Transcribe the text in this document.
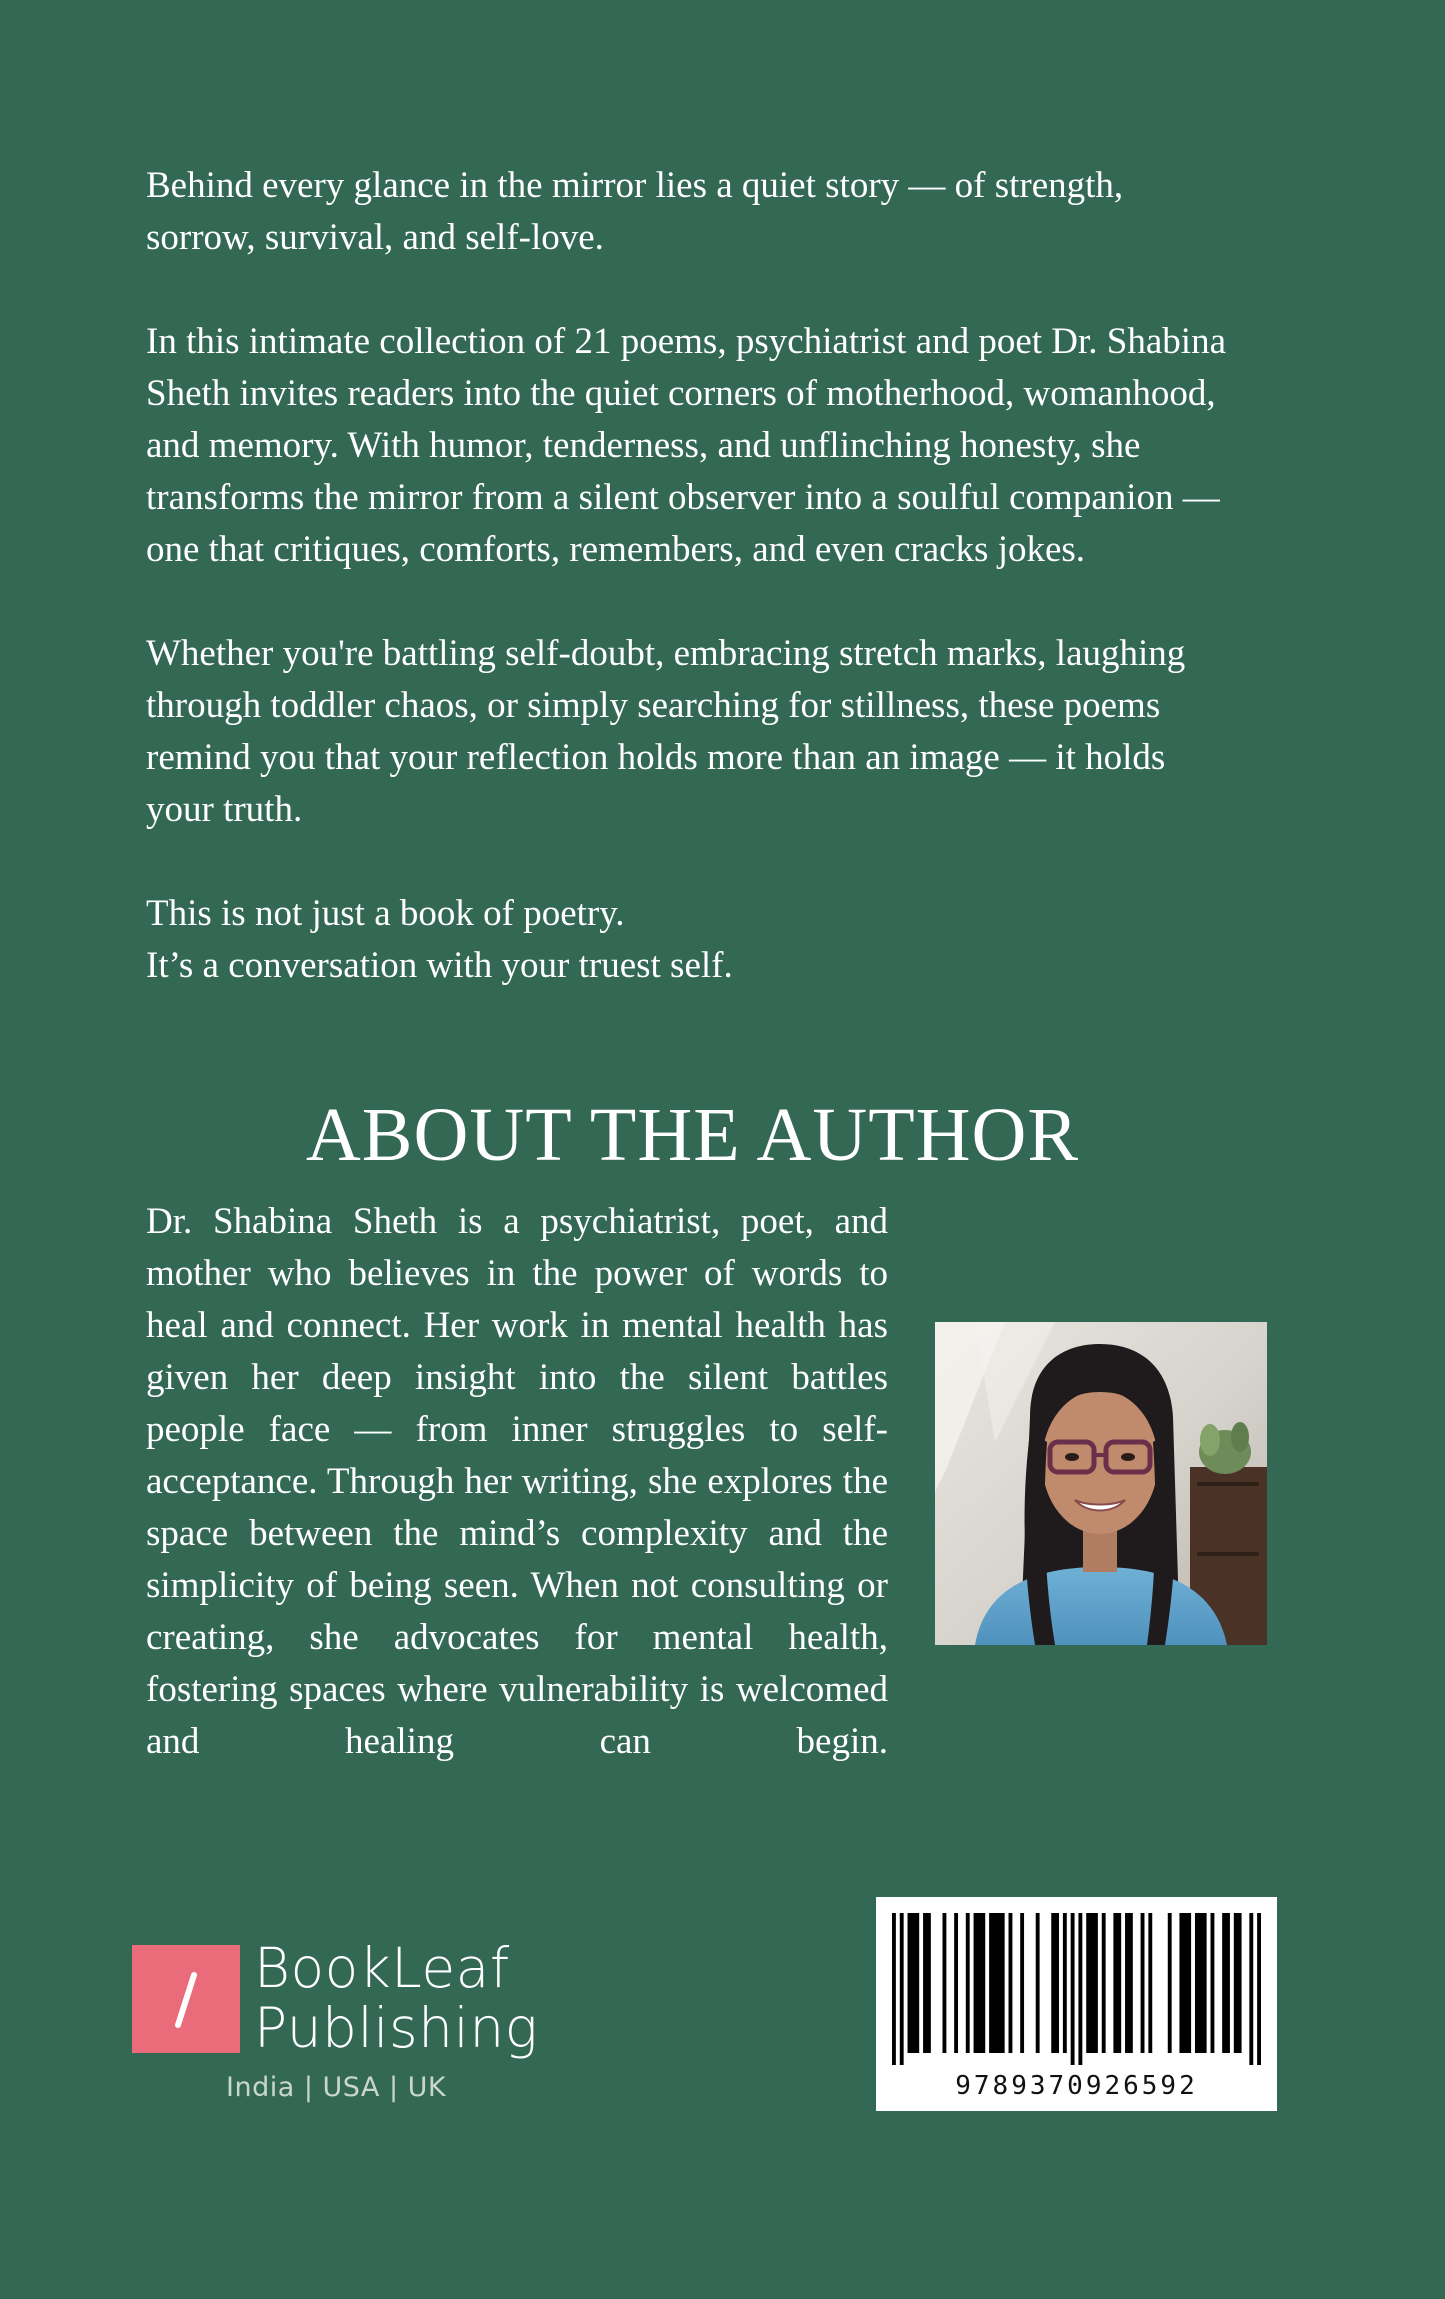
Behind every glance in the mirror lies a quiet story — of strength,
sorrow, survival, and self-love.

In this intimate collection of 21 poems, psychiatrist and poet Dr. Shabina
Sheth invites readers into the quiet corners of motherhood, womanhood,
and memory. With humor, tenderness, and unflinching honesty, she
transforms the mirror from a silent observer into a soulful companion —
one that critiques, comforts, remembers, and even cracks jokes.

Whether you're battling self-doubt, embracing stretch marks, laughing
through toddler chaos, or simply searching for stillness, these poems
remind you that your reflection holds more than an image — it holds
your truth.

This is not just a book of poetry.
It’s a conversation with your truest self.

ABOUT THE AUTHOR

Dr. Shabina Sheth is a psychiatrist, poet, and mother who believes in the power of words to heal and connect. Her work in mental health has given her deep insight into the silent battles people face — from inner struggles to self-acceptance. Through her writing, she explores the space between the mind’s complexity and the simplicity of being seen. When not consulting or creating, she advocates for mental health, fostering spaces where vulnerability is welcomed and healing can begin.

BookLeaf
Publishing
India | USA | UK	9789370926592
